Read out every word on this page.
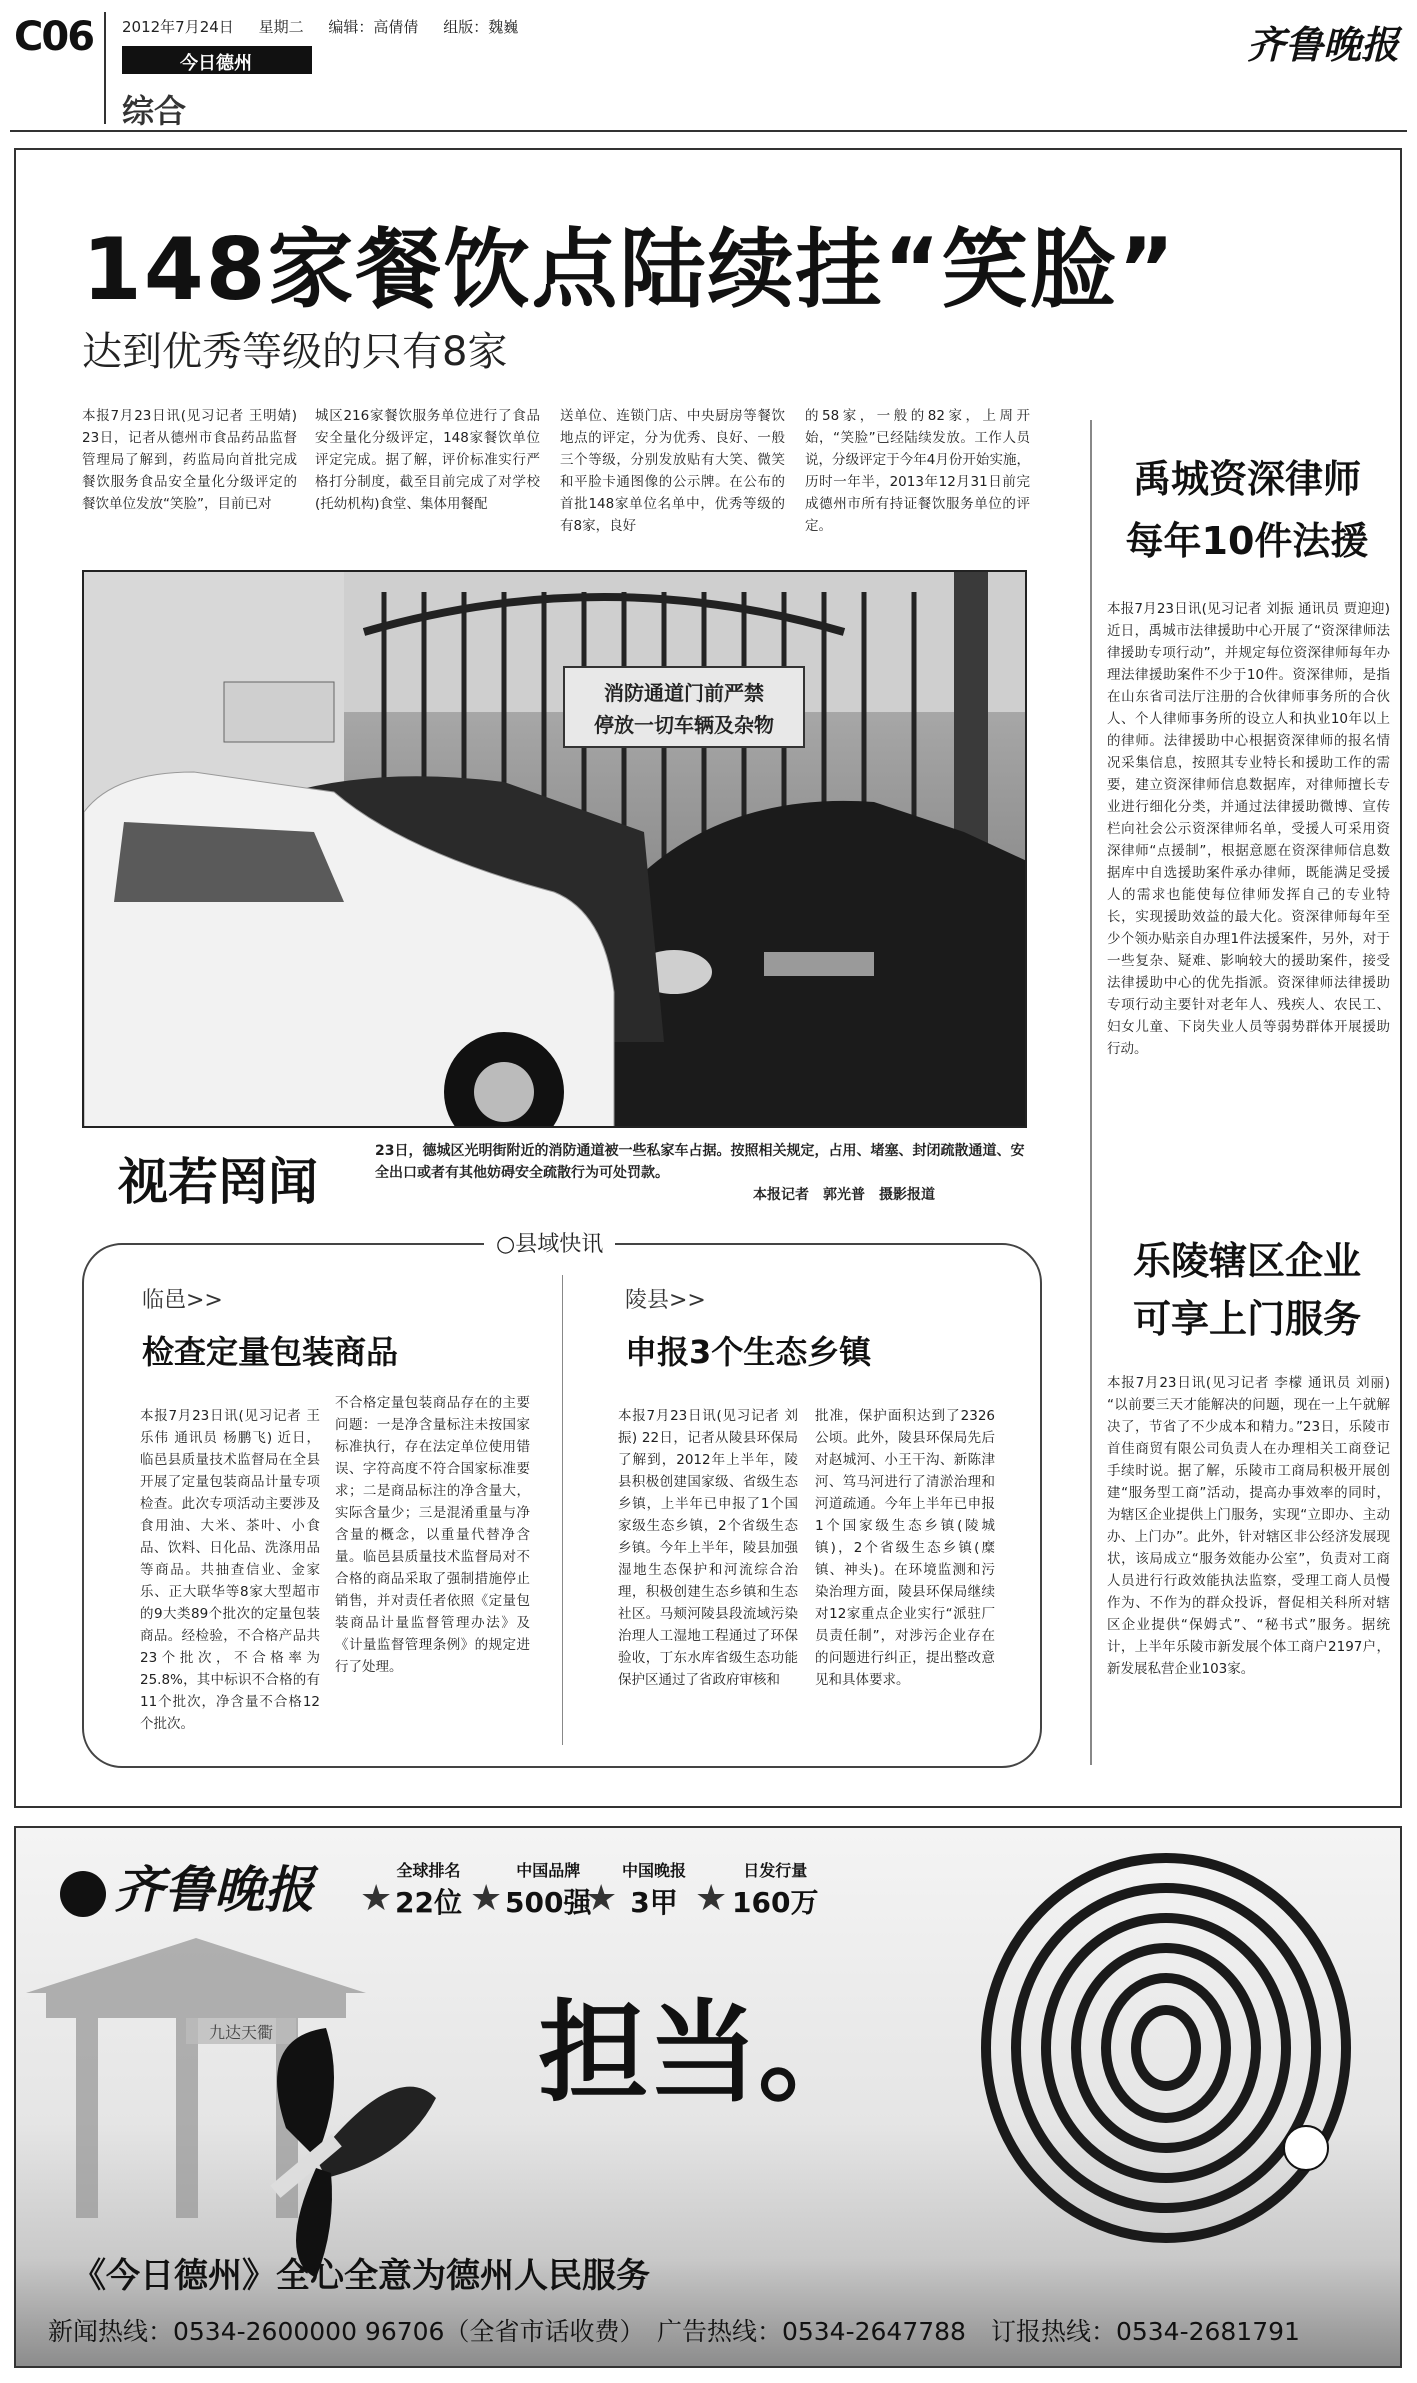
C06 2012年7月24日 星期二 编辑：高倩倩 组版：魏巍
今日德州
综合
齐鲁晚报
148家餐饮点陆续挂“笑脸”
达到优秀等级的只有8家
本报7月23日讯(见习记者 王明婧) 23日，记者从德州市食品药品监督管理局了解到，药监局向首批完成餐饮服务食品安全量化分级评定的餐饮单位发放“笑脸”，目前已对
城区216家餐饮服务单位进行了食品安全量化分级评定，148家餐饮单位评定完成。据了解，评价标准实行严格打分制度，截至目前完成了对学校(托幼机构)食堂、集体用餐配
送单位、连锁门店、中央厨房等餐饮地点的评定，分为优秀、良好、一般三个等级，分别发放贴有大笑、微笑和平脸卡通图像的公示牌。在公布的首批148家单位名单中，优秀等级的有8家，良好
的58家，一般的82家，上周开始，“笑脸”已经陆续发放。工作人员说，分级评定于今年4月份开始实施，历时一年半，2013年12月31日前完成德州市所有持证餐饮服务单位的评定。
消防通道门前严禁
停放一切车辆及杂物
视若罔闻
23日，德城区光明街附近的消防通道被一些私家车占据。按照相关规定，占用、堵塞、封闭疏散通道、安全出口或者有其他妨碍安全疏散行为可处罚款。
本报记者　郭光普　摄影报道
禹城资深律师
每年10件法援
本报7月23日讯(见习记者 刘振 通讯员 贾迎迎) 近日，禹城市法律援助中心开展了“资深律师法律援助专项行动”，并规定每位资深律师每年办理法律援助案件不少于10件。资深律师，是指在山东省司法厅注册的合伙律师事务所的合伙人、个人律师事务所的设立人和执业10年以上的律师。法律援助中心根据资深律师的报名情况采集信息，按照其专业特长和援助工作的需要，建立资深律师信息数据库，对律师擅长专业进行细化分类，并通过法律援助微博、宣传栏向社会公示资深律师名单，受援人可采用资深律师“点援制”，根据意愿在资深律师信息数据库中自选援助案件承办律师，既能满足受援人的需求也能使每位律师发挥自己的专业特长，实现援助效益的最大化。资深律师每年至少个领办贴亲自办理1件法援案件，另外，对于一些复杂、疑难、影响较大的援助案件，接受法律援助中心的优先指派。资深律师法律援助专项行动主要针对老年人、残疾人、农民工、妇女儿童、下岗失业人员等弱势群体开展援助行动。
乐陵辖区企业
可享上门服务
本报7月23日讯(见习记者 李檬 通讯员 刘丽) “以前要三天才能解决的问题，现在一上午就解决了，节省了不少成本和精力。”23日，乐陵市首佳商贸有限公司负责人在办理相关工商登记手续时说。据了解，乐陵市工商局积极开展创建“服务型工商”活动，提高办事效率的同时，为辖区企业提供上门服务，实现“立即办、主动办、上门办”。此外，针对辖区非公经济发展现状，该局成立“服务效能办公室”，负责对工商人员进行行政效能执法监察，受理工商人员慢作为、不作为的群众投诉，督促相关科所对辖区企业提供“保姆式”、“秘书式”服务。据统计，上半年乐陵市新发展个体工商户2197户，新发展私营企业103家。
○县域快讯
临邑>>
检查定量包装商品
本报7月23日讯(见习记者 王乐伟 通讯员 杨鹏飞) 近日，临邑县质量技术监督局在全县开展了定量包装商品计量专项检查。此次专项活动主要涉及食用油、大米、茶叶、小食品、饮料、日化品、洗涤用品等商品。共抽查信业、金家乐、正大联华等8家大型超市的9大类89个批次的定量包装商品。经检验，不合格产品共23个批次，不合格率为25.8%，其中标识不合格的有11个批次，净含量不合格12个批次。
不合格定量包装商品存在的主要问题：一是净含量标注未按国家标准执行，存在法定单位使用错误、字符高度不符合国家标准要求；二是商品标注的净含量大，实际含量少；三是混淆重量与净含量的概念，以重量代替净含量。临邑县质量技术监督局对不合格的商品采取了强制措施停止销售，并对责任者依照《定量包装商品计量监督管理办法》及《计量监督管理条例》的规定进行了处理。
陵县>>
申报3个生态乡镇
本报7月23日讯(见习记者 刘振) 22日，记者从陵县环保局了解到，2012年上半年，陵县积极创建国家级、省级生态乡镇，上半年已申报了1个国家级生态乡镇，2个省级生态乡镇。今年上半年，陵县加强湿地生态保护和河流综合治理，积极创建生态乡镇和生态社区。马颊河陵县段流域污染治理人工湿地工程通过了环保验收，丁东水库省级生态功能保护区通过了省政府审核和
批准，保护面积达到了2326公顷。此外，陵县环保局先后对赵城河、小王干沟、新陈津河、笃马河进行了清淤治理和河道疏通。今年上半年已申报1个国家级生态乡镇(陵城镇)，2个省级生态乡镇(糜镇、神头)。在环境监测和污染治理方面，陵县环保局继续对12家重点企业实行“派驻厂员责任制”，对涉污企业存在的问题进行纠正，提出整改意见和具体要求。
九达天衢
齐鲁晚报 ★
全球排名
22位 ★
中国品牌
500强
★
中国晚报
3甲 ★
日发行量
160万
担当。
《今日德州》全心全意为德州人民服务
新闻热线：0534-2600000 96706（全省市话收费）　广告热线：0534-2647788　订报热线：0534-2681791
